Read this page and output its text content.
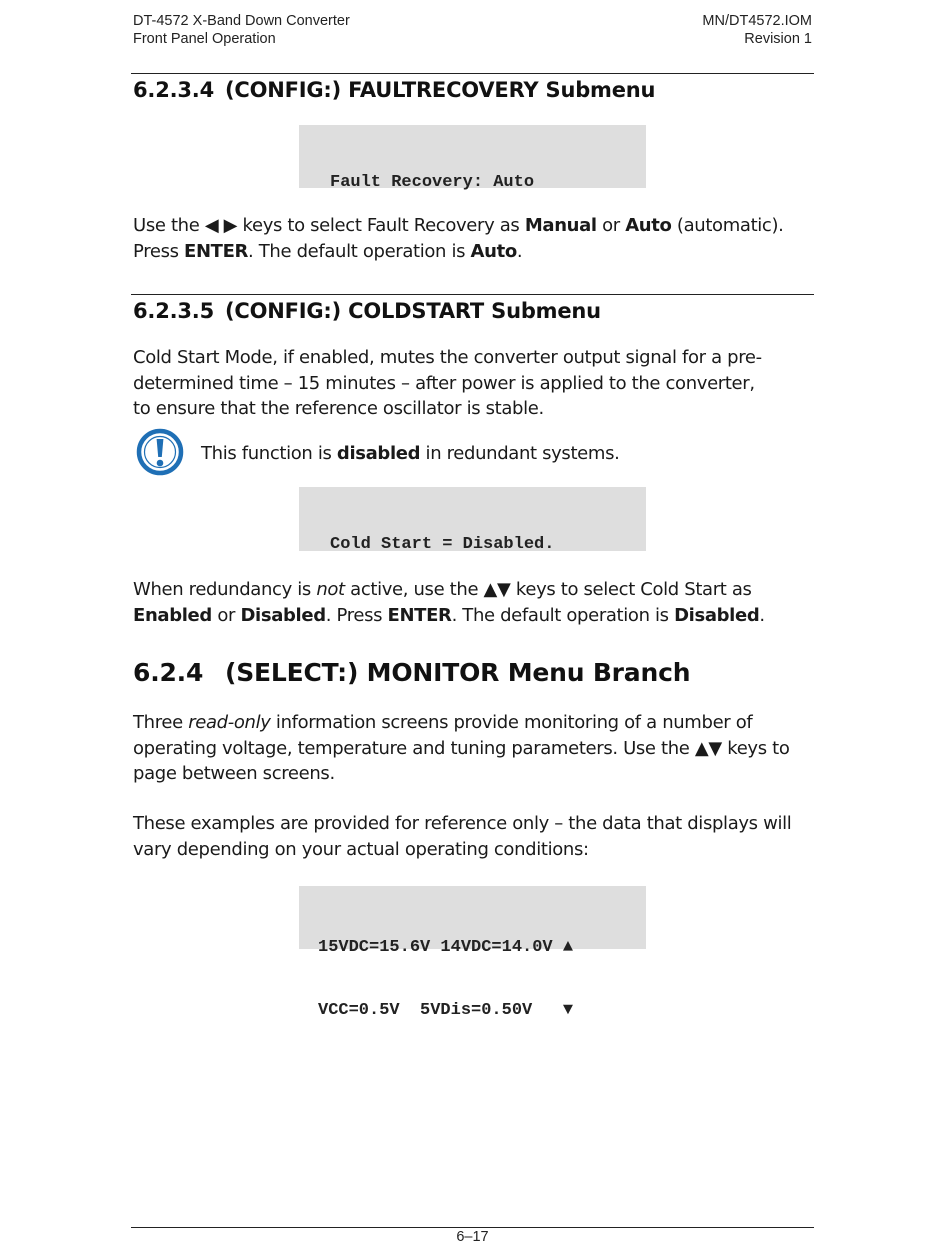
DT-4572 X-Band Down Converter
Front Panel Operation
MN/DT4572.IOM
Revision 1
6.2.3.4 (CONFIG:) FAULTRECOVERY Submenu

Fault Recovery: Auto

Use the ◀ ▶ keys to select Fault Recovery as Manual or Auto (automatic). Press ENTER. The default operation is Auto.
6.2.3.5 (CONFIG:) COLDSTART Submenu
Cold Start Mode, if enabled, mutes the converter output signal for a pre-determined time – 15 minutes – after power is applied to the converter, to ensure that the reference oscillator is stable.
This function is disabled in redundant systems.

Cold Start = Disabled.

When redundancy is not active, use the ▲▼ keys to select Cold Start as Enabled or Disabled. Press ENTER. The default operation is Disabled.
6.2.4 (SELECT:) MONITOR Menu Branch
Three read-only information screens provide monitoring of a number of operating voltage, temperature and tuning parameters. Use the ▲▼ keys to page between screens.
These examples are provided for reference only – the data that displays will vary depending on your actual operating conditions:

15VDC=15.6V 14VDC=14.0V ▲

VCC=0.5V  5VDis=0.50V   ▼

6–17
